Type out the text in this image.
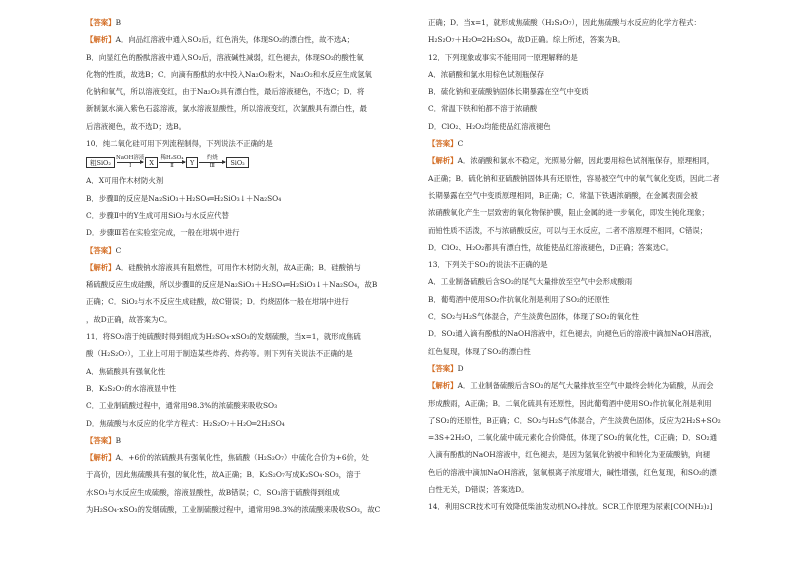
【答案】B
【解析】A．向品红溶液中通入SO₂后，红色消失，体现SO₂的漂白性，故不选A；
B．向显红色的酚酞溶液中通入SO₂后，溶液碱性减弱，红色褪去，体现SO₂的酸性氧
化物的性质，故选B；C．向滴有酚酞的水中投入Na₂O₂粉末，Na₂O₂和水反应生成氢氧
化钠和氧气，所以溶液变红，由于Na₂O₂具有漂白性，最后溶液褪色，不选C；D．将
新制氯水滴入紫色石蕊溶液，氯水溶液显酸性，所以溶液变红，次氯酸具有漂白性，最
后溶液褪色，故不选D；选B。
10．纯二氧化硅可用下列流程制得，下列说法不正确的是
粗SiO₂
NaOH溶液
Ⅰ	X
稀H₂SO₄
Ⅱ	Y
灼烧
Ⅲ	SiO₂
A．X可用作木材防火剂
B．步骤Ⅱ的反应是Na₂SiO₃＋H₂SO₄═H₂SiO₃↓＋Na₂SO₄
C．步骤Ⅱ中的Y生成可用SiO₂与水反应代替
D．步骤Ⅲ若在实验室完成，一般在坩埚中进行
【答案】C
【解析】A．硅酸钠水溶液具有阻燃性，可用作木材防火剂，故A正确；B．硅酸钠与
稀硫酸反应生成硅酸，所以步骤Ⅱ的反应是Na₂SiO₃＋H₂SO₄═H₂SiO₃↓＋Na₂SO₄，故B
正确；C．SiO₂与水不反应生成硅酸，故C错误；D．灼烧固体一般在坩埚中进行
，故D正确，故答案为C。
11．将SO₃溶于纯硫酸时得到组成为H₂SO₄·xSO₃的发烟硫酸，当x=1，就形成焦硫
酸（H₂S₂O₇），工业上可用于制造某些炸药、炸药等。则下列有关说法不正确的是
A．焦硫酸具有强氧化性
B．K₂S₂O₇的水溶液显中性
C．工业制硫酸过程中，通常用98.3%的浓硫酸来吸收SO₃
D．焦硫酸与水反应的化学方程式：H₂S₂O₇＋H₂O═2H₂SO₄
【答案】B
【解析】A．+6价的浓硫酸具有强氧化性，焦硫酸（H₂S₂O₇）中硫化合价为+6价，处
于高价，因此焦硫酸具有强的氧化性，故A正确；B．K₂S₂O₇写成K₂SO₄·SO₃，溶于
水SO₃与水反应生成硫酸，溶液显酸性，故B错误；C．SO₃溶于硫酸得到组成
为H₂SO₄·xSO₃的发烟硫酸，工业制硫酸过程中，通常用98.3%的浓硫酸来吸收SO₃，故C
正确；D．当x=1，就形成焦硫酸（H₂S₂O₇），因此焦硫酸与水反应的化学方程式：
H₂S₂O₇＋H₂O═2H₂SO₄，故D正确。综上所述，答案为B。
12．下列现象或事实不能用同一原理解释的是
A．浓硝酸和氯水用棕色试剂瓶保存
B．硫化钠和亚硫酸钠固体长期暴露在空气中变质
C．常温下铁和铂都不溶于浓硝酸
D．ClO₂、H₂O₂均能使品红溶液褪色
【答案】C
【解析】A．浓硝酸和氯水不稳定，光照易分解，因此要用棕色试剂瓶保存，原理相同，
A正确；B．硫化钠和亚硫酸钠固体具有还原性，容易被空气中的氧气氧化变质，因此二者
长期暴露在空气中变质原理相同，B正确；C．常温下铁遇浓硝酸，在金属表面会被
浓硝酸氧化产生一层致密的氧化物保护膜，阻止金属的进一步氧化，即发生钝化现象；
而铂性质不活泼，不与浓硝酸反应，可以与王水反应，二者不溶原理不相同，C错误；
D．ClO₂、H₂O₂都具有漂白性，故能使品红溶液褪色，D正确；答案选C。
13．下列关于SO₂的说法不正确的是
A．工业制备硫酸后含SO₂的尾气大量排放至空气中会形成酸雨
B．葡萄酒中使用SO₂作抗氧化剂是利用了SO₂的还原性
C．SO₂与H₂S气体混合，产生淡黄色固体，体现了SO₂的氧化性
D．SO₂通入滴有酚酞的NaOH溶液中，红色褪去，向褪色后的溶液中滴加NaOH溶液，
红色复现，体现了SO₂的漂白性
【答案】D
【解析】A．工业制备硫酸后含SO₂的尾气大量排放至空气中最终会转化为硫酸，从而会
形成酸雨，A正确；B．二氧化硫具有还原性，因此葡萄酒中使用SO₂作抗氧化剂是利用
了SO₂的还原性，B正确；C．SO₂与H₂S气体混合，产生淡黄色固体，反应为2H₂S+SO₂
=3S+2H₂O，二氧化硫中硫元素化合价降低，体现了SO₂的氧化性，C正确；D．SO₂通
入滴有酚酞的NaOH溶液中，红色褪去，是因为氢氧化钠被中和转化为亚硫酸钠，向褪
色后的溶液中滴加NaOH溶液，氢氧根离子浓度增大，碱性增强，红色复现，和SO₂的漂
白性无关，D错误；答案选D。
14．利用SCR技术可有效降低柴油发动机NOₓ排放。SCR工作原理为尿素[CO(NH₂)₂]
